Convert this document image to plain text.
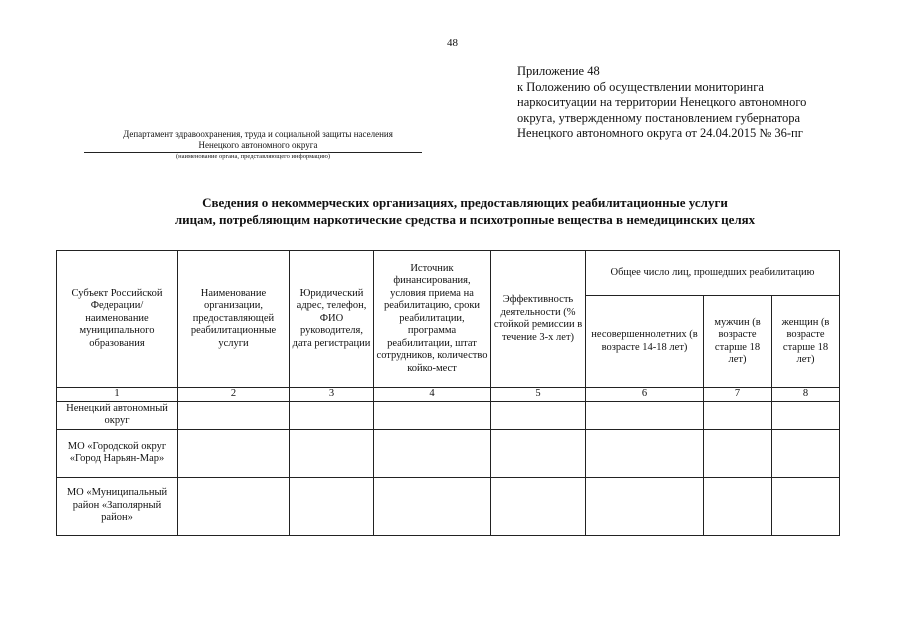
48
Приложение 48
к Положению об осуществлении мониторинга
наркоситуации на территории Ненецкого автономного
округа, утвержденному постановлением губернатора
Ненецкого автономного округа от 24.04.2015 № 36-пг
Департамент здравоохранения, труда и социальной защиты населения
Ненецкого автономного округа
(наименование органа, представляющего информацию)
Сведения о некоммерческих организациях, предоставляющих реабилитационные услуги
лицам, потребляющим наркотические средства и психотропные вещества в немедицинских целях
Субъект Российской Федерации/ наименование муниципального образования	Наименование организации, предоставляющей реабилитационные услуги	Юридический адрес, телефон, ФИО руководителя, дата регистрации	Источник финансирования, условия приема на реабилитацию, сроки реабилитации, программа реабилитации, штат сотрудников, количество койко-мест	Эффективность деятельности (% стойкой ремиссии в течение 3-х лет)	Общее число лиц, прошедших реабилитацию		
					несовершеннолетних (в возрасте 14-18 лет)	мужчин (в возрасте старше 18 лет)	женщин (в возрасте старше 18 лет)
1	2	3	4	5	6	7	8
Ненецкий автономный округ							
МО «Городской округ «Город Нарьян-Мар»							
МО «Муниципальный район «Заполярный район»							
